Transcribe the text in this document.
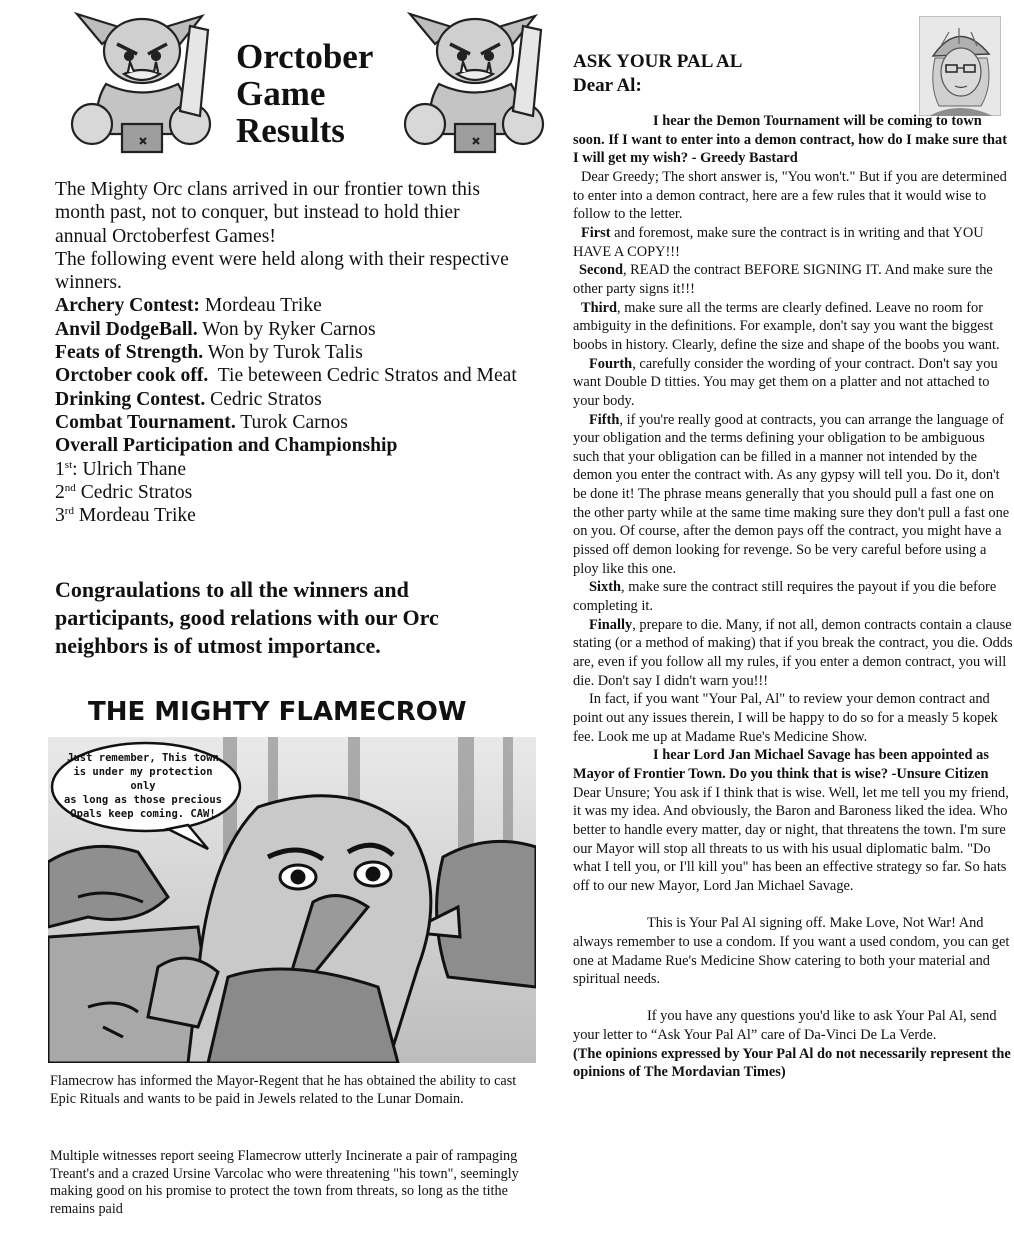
Orctober
Game
Results
The Mighty Orc clans arrived in our frontier town this
month past, not to conquer, but instead to hold thier
annual Orctoberfest Games!
The following event were held along with their respective
winners.
Archery Contest: Mordeau Trike
Anvil DodgeBall. Won by Ryker Carnos
Feats of Strength. Won by Turok Talis
Orctober cook off.  Tie beteween Cedric Stratos and Meat
Drinking Contest. Cedric Stratos
Combat Tournament. Turok Carnos
Overall Participation and Championship
1st: Ulrich Thane
2nd Cedric Stratos
3rd Mordeau Trike
Congraulations to all the winners and participants, good relations with our Orc neighbors is of utmost importance.
THE MIGHTY FLAMECROW
Just remember, This town
is under my protection only
as long as those precious
Opals keep coming. CAW!
Flamecrow has informed the Mayor-Regent that he has obtained the ability to cast Epic Rituals and wants to be paid in Jewels related to the Lunar Domain.
Multiple witnesses report seeing Flamecrow utterly Incinerate a pair of rampaging Treant's and a crazed Ursine Varcolac who were threatening "his town", seemingly making good on his promise to protect the town from threats, so long as the tithe remains paid
ASK YOUR PAL AL
Dear Al:

I hear the Demon Tournament will be coming to town soon. If I want to enter into a demon contract, how do I make sure that I will get my wish? - Greedy Bastard

Dear Greedy; The short answer is, "You won't." But if you are determined to enter into a demon contract, here are a few rules that it would wise to follow to the letter.

First and foremost, make sure the contract is in writing and that YOU HAVE A COPY!!!

Second, READ the contract BEFORE SIGNING IT. And make sure the other party signs it!!!

Third, make sure all the terms are clearly defined. Leave no room for ambiguity in the definitions. For example, don't say you want the biggest boobs in history. Clearly, define the size and shape of the boobs you want.

Fourth, carefully consider the wording of your contract. Don't say you want Double D titties. You may get them on a platter and not attached to your body.

Fifth, if you're really good at contracts, you can arrange the language of your obligation and the terms defining your obligation to be ambiguous such that your obligation can be filled in a manner not intended by the demon you enter the contract with. As any gypsy will tell you. Do it, don't be done it! The phrase means generally that you should pull a fast one on the other party while at the same time making sure they don't pull a fast one on you. Of course, after the demon pays off the contract, you might have a pissed off demon looking for revenge. So be very careful before using a ploy like this one.

Sixth, make sure the contract still requires the payout if you die before completing it.

Finally, prepare to die. Many, if not all, demon contracts contain a clause stating (or a method of making) that if you break the contract, you die. Odds are, even if you follow all my rules, if you enter a demon contract, you will die. Don't say I didn't warn you!!!

In fact, if you want "Your Pal, Al" to review your demon contract and point out any issues therein, I will be happy to do so for a measly 5 kopek fee. Look me up at Madame Rue's Medicine Show.

I hear Lord Jan Michael Savage has been appointed as Mayor of Frontier Town. Do you think that is wise? -Unsure Citizen

Dear Unsure; You ask if I think that is wise. Well, let me tell you my friend, it was my idea. And obviously, the Baron and Baroness liked the idea. Who better to handle every matter, day or night, that threatens the town. I'm sure our Mayor will stop all threats to us with his usual diplomatic balm. "Do what I tell you, or I'll kill you" has been an effective strategy so far. So hats off to our new Mayor, Lord Jan Michael Savage.

This is Your Pal Al signing off. Make Love, Not War! And always remember to use a condom. If you want a used condom, you can get one at Madame Rue's Medicine Show catering to both your material and spiritual needs.

If you have any questions you'd like to ask Your Pal Al, send your letter to “Ask Your Pal Al” care of Da-Vinci De La Verde.

(The opinions expressed by Your Pal Al do not necessarily represent the opinions of The Mordavian Times)
